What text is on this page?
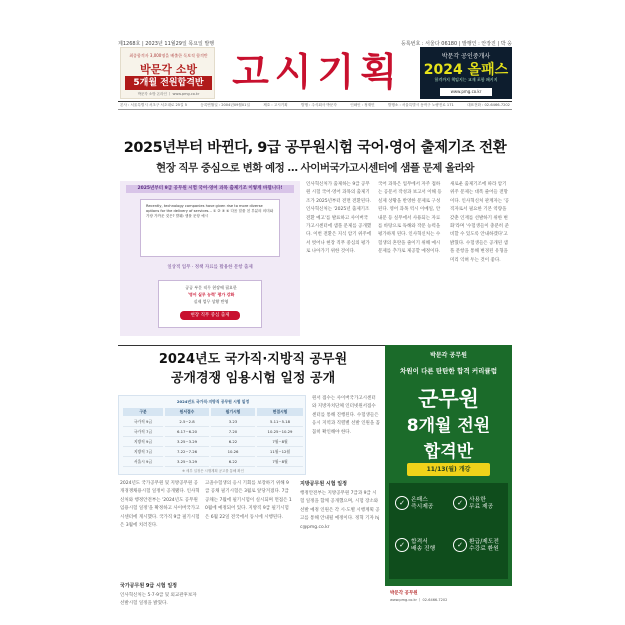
제1268호 | 2023년 11월29일 목요일 발행	등록번호 : 서울다 06180 | 발행인 : 안장진 | 박 웅
최종합격자 3,000명을 배출한 독보적 합격반
박문각 소방
5개월 전원합격반
박문각 소방 온라인 ㅣ www.pmg.co.kr 고시기획	박문각 공인중개사
2024 올패스
합격까지 책임지는 교재 포함 패키지
www.pmg.co.kr
본사 : 서울특별시 서초구 서초대로 25길 5	등록연월일 : 2004년09월01일	제호 : 고시기획	발행 : 주식회사 박문각	인쇄인 : 정재민	발행소 : 서울특별시 동작구 노량진로 171	대표전화 : 02-6466-7202
2025년부터 바뀐다, 9급 공무원시험 국어·영어 출제기조 전환
현장 직무 중심으로 변화 예정 … 사이버국가고시센터에 샘플 문제 올라와
2025년부터 9급 공무원 시험 국어·영어 과목 출제기조 이렇게 바뀝니다!
Recently, technology companies have given rise to more diverse options for the delivery of services... ① ② ③ ④ 다음 밑줄 친 부분의 의미와 가장 가까운 것은? 발췌: 샘플 문항 예시
일상적 업무 · 정책 자료를 활용한 문항 출제
공공 부문 직무 현장에 필요한
'영어 실무 능력' 평가 강화
실제 업무 상황 반영
현장 직무 중심 출제
인사혁신처가 출제하는 9급 공무원 시험 국어·영어 과목의 출제기조가 2025년부터 전면 전환된다. 인사혁신처는 '2025년 출제기조 전환 예고'를 발표하고 사이버국가고시센터에 샘플 문제를 공개했다. 이번 전환은 지식 암기 위주에서 벗어나 현장 직무 중심의 평가로 나아가기 위한 것이다.
국어 과목은 업무에서 자주 접하는 공문서 작성과 보고서 이해 등 실제 상황을 반영한 문제로 구성된다. 영어 과목 역시 이메일, 안내문 등 실무에서 사용되는 자료를 바탕으로 독해와 작문 능력을 평가하게 된다. 인사혁신처는 수험생의 혼란을 줄이기 위해 예시 문제를 추가로 제공할 예정이다.
새로운 출제기조에 따라 암기 위주 문제는 대폭 줄어들 전망이다. 인사혁신처 관계자는 '공직자로서 필요한 기본 역량을 갖춘 인재를 선발하기 위한 변화'라며 '수험생들이 충분히 준비할 수 있도록 안내하겠다'고 밝혔다. 수험생들은 공개된 샘플 문항을 통해 변경된 유형을 미리 익혀 두는 것이 좋다.
2024년도 국가직·지방직 공무원
공개경쟁 임용시험 일정 공개
2024년도 국가직·지방직 공무원 시험 일정
구분	원서접수	필기시험	면접시험
국가직 9급	2.5~2.8	3.23	5.11~5.18
국가직 7급	6.17~6.20	7.20	10.25~10.29
지방직 9급	3.25~3.29	6.22	7월~8월
지방직 7급	7.22~7.26	10.26	11월~12월
서울시 9급	3.25~3.29	6.22	7월~8월
※ 세부 일정은 시행계획 공고를 통해 확인
원서 접수는 사이버국가고시센터와 지방자치단체 인터넷원서접수센터를 통해 진행된다. 수험생들은 응시 지역과 직렬별 선발 인원을 꼼꼼히 확인해야 한다.
2024년도 국가공무원 및 지방공무원 공개경쟁채용시험 일정이 공개됐다. 인사혁신처와 행정안전부는 '2024년도 공무원 임용시험 일정'을 확정하고 사이버국가고시센터에 게시했다. 국가직 9급 필기시험은 3월에 치러진다.
국가공무원 9급 시험 일정
인사혁신처는 5·7·9급 및 외교관후보자 선발시험 일정을 밝혔다.
고졸수험생의 응시 기회를 보장하기 위해 9급 공채 필기시험은 3월로 앞당겨졌다. 7급 공채는 7월에 필기시험이 실시되며 면접은 10월에 예정되어 있다. 지방직 9급 필기시험은 6월 22일 전국에서 동시에 시행된다.
지방공무원 시험 일정
행정안전부는 지방공무원 7급과 9급 시험 일정을 함께 공개했으며, 시험 장소와 선발 예정 인원은 각 시·도별 시행계획 공고를 통해 안내될 예정이다. 정혁 기자 hjc@pmg.co.kr
박문각 공무원
차원이 다른 탄탄한 합격 커리큘럼
군무원
8개월 전원
합격반
11/13(월) 개강
✓	온패스
즉시제공	✓	사용한
무료 제공
✓	합격서
배송 진행	✓	환급/제도전
수강료 환원
박문각 공무원
www.pmg.co.kr ㅣ 02-6466-7202
